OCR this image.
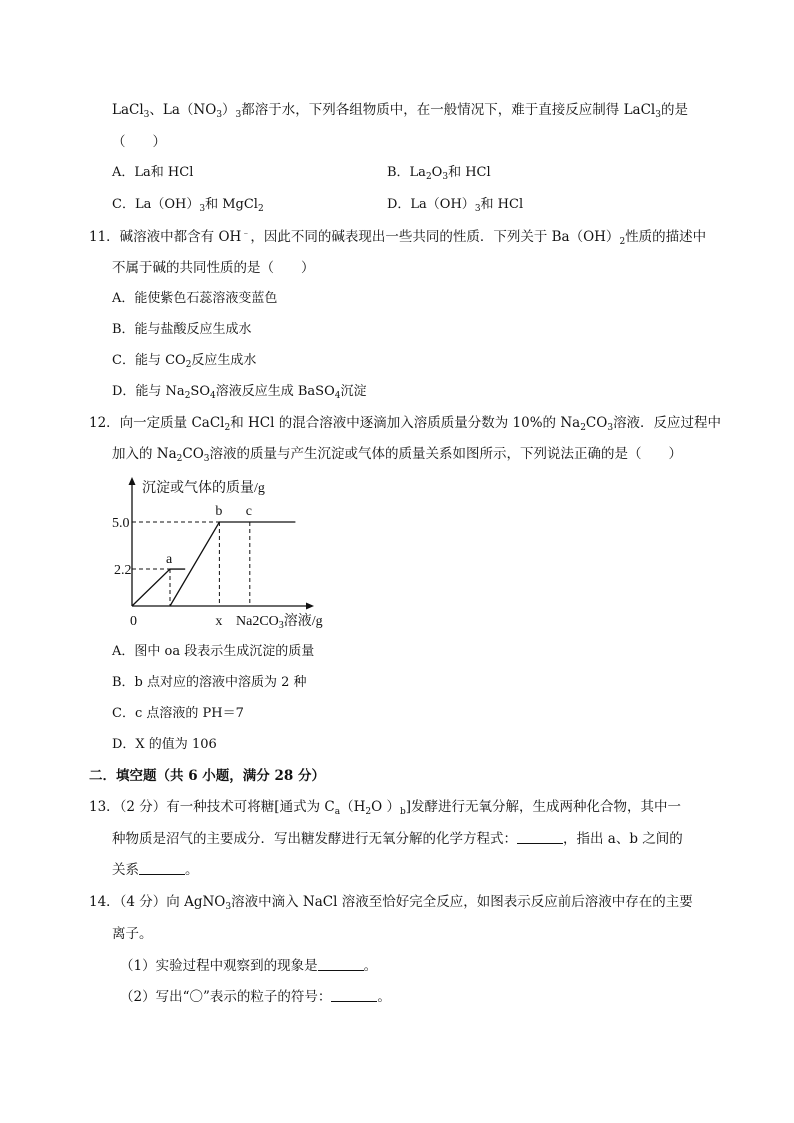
LaCl$_3$、$La(NO_3)_3$都溶于水，下列各组物质中，在一般情况下，难于直接反应制得 LaCl$_3$的是
（　　）
A．La和 HCl	B．$La_2O_3$和 HCl
C．$La(OH)_3$和 MgCl$_2$	D．$La(OH)_3$和 HCl
11．碱溶液中都含有 OH﹣，因此不同的碱表现出一些共同的性质．下列关于 $Ba(OH)_2$性质的描述中
不属于碱的共同性质的是（　　）
A．能使紫色石蕊溶液变蓝色
B．能与盐酸反应生成水
C．能与 $CO_2$反应生成水
D．能与 $Na_2SO_4$溶液反应生成 BaSO$_4$沉淀
12．向一定质量 CaCl$_2$和 HCl 的混合溶液中逐滴加入溶质质量分数为 10%的 $Na_2CO_3$溶液．反应过程中
加入的 $Na_2CO_3$溶液的质量与产生沉淀或气体的质量关系如图所示，下列说法正确的是（　　）
沉淀或气体的质量/g
5.0
2.2
0	x
a
b c
$Na2CO_3$溶液/g
A．图中 oa 段表示生成沉淀的质量
B．b 点对应的溶液中溶质为 2 种
C．c 点溶液的 PH＝7
D．X 的值为 106
二．填空题（共 6 小题，满分 28 分）
13．（2 分）有一种技术可将糖[通式为 $C_a(H_2O$ ）$_b$]发酵进行无氧分解，生成两种化合物，其中一
种物质是沼气的主要成分．写出糖发酵进行无氧分解的化学方程式：	，指出 a、b 之间的
关系	。
14．（4 分）向 AgNO$_3$溶液中滴入 NaCl 溶液至恰好完全反应，如图表示反应前后溶液中存在的主要
离子。
（1）实验过程中观察到的现象是	。
（2）写出“〇”表示的粒子的符号：	。
